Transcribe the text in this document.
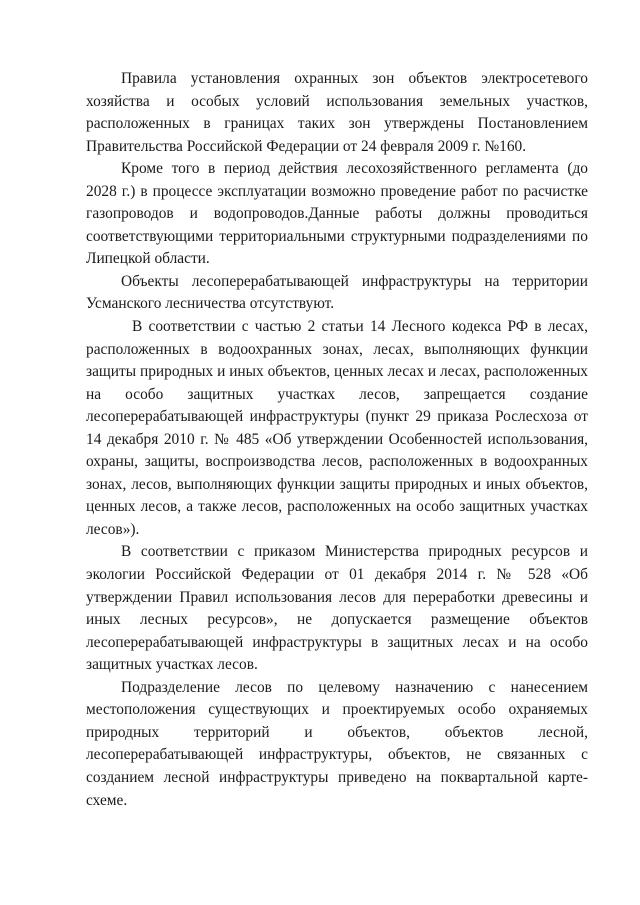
Правила установления охранных зон объектов электросетевого хозяйства и особых условий использования земельных участков, расположенных в границах таких зон утверждены Постановлением Правительства Российской Федерации от 24 февраля 2009 г. №160.

Кроме того в период действия лесохозяйственного регламента (до 2028 г.) в процессе эксплуатации возможно проведение работ по расчистке газопроводов и водопроводов.Данные работы должны проводиться соответствующими территориальными структурными подразделениями по Липецкой области.

Объекты лесоперерабатывающей инфраструктуры на территории Усманского лесничества отсутствуют.

В соответствии с частью 2 статьи 14 Лесного кодекса РФ в лесах, расположенных в водоохранных зонах, лесах, выполняющих функции защиты природных и иных объектов, ценных лесах и лесах, расположенных на особо защитных участках лесов, запрещается создание лесоперерабатывающей инфраструктуры (пункт 29 приказа Рослесхоза от 14 декабря 2010 г. № 485 «Об утверждении Особенностей использования, охраны, защиты, воспроизводства лесов, расположенных в водоохранных зонах, лесов, выполняющих функции защиты природных и иных объектов, ценных лесов, а также лесов, расположенных на особо защитных участках лесов»).

В соответствии с приказом Министерства природных ресурсов и экологии Российской Федерации от 01 декабря 2014 г. № 528 «Об утверждении Правил использования лесов для переработки древесины и иных лесных ресурсов», не допускается размещение объектов лесоперерабатывающей инфраструктуры в защитных лесах и на особо защитных участках лесов.

Подразделение лесов по целевому назначению с нанесением местоположения существующих и проектируемых особо охраняемых природных территорий и объектов, объектов лесной, лесоперерабатывающей инфраструктуры, объектов, не связанных с созданием лесной инфраструктуры приведено на поквартальной карте-схеме.
